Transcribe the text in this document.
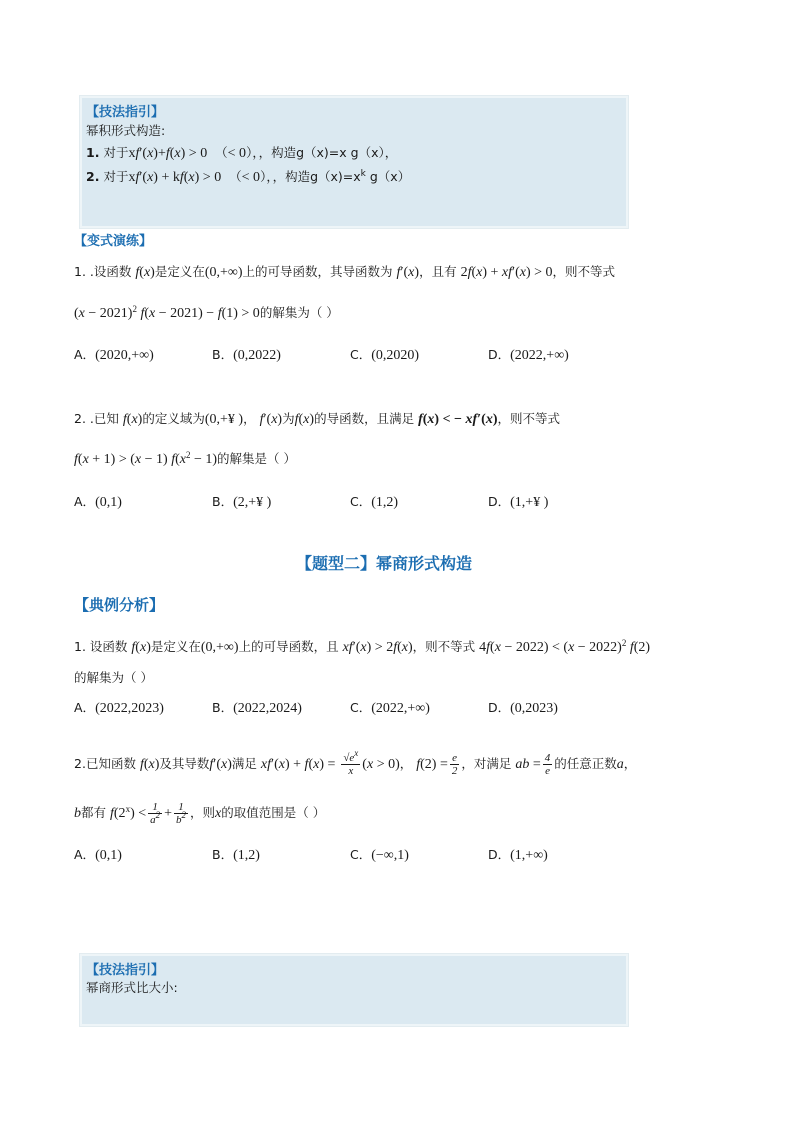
【技法指引】
幂积形式构造:
1. 对于xf′(x)+f(x) > 0  （< 0），，构造g（x)=x g（x），
2. 对于xf′(x) + kf(x) > 0  （< 0），，构造$g(x)=x^k$ g（x）
【变式演练】
1. .设函数 f(x)是定义在(0,+∞)上的可导函数，其导函数为 f′(x)，且有 2f(x) + xf′(x) > 0，则不等式
$(x - 2021)^2$ f(x − 2021) − f(1) > 0的解集为（ ）
A．(2020,+∞)	B．(0,2022)	C．(0,2020)	D．(2022,+∞)
2. .已知 f(x)的定义域为(0,+¥ )， f′(x)为f(x)的导函数，且满足 f(x) < − xf′(x)，则不等式
f(x + 1) > (x − 1) $f(x^2 - 1)$的解集是（ ）
A．(0,1)	B．(2,+¥ )	C．(1,2)	D．(1,+¥ )
【题型二】幂商形式构造
【典例分析】
1. 设函数 f(x)是定义在(0,+∞)上的可导函数，且 xf′(x) > 2f(x)，则不等式 $4f(x - 2022) < (x - 2022)^2$ f(2)
的解集为（ ）
A．(2022,2023)	B．(2022,2024)	C．(2022,+∞)	D．(0,2023)
2.已知函数 f(x)及其导数f′(x)满足 $xf'(x) + f(x) = \frac{√e^x}{x} (x > 0)$， $f(2) = \frac{e}{2}$ ，对满足 ab = $\frac{4}{e}$ 的任意正数a，
b都有 $f(2^x) < \frac{1}{a^2} + \frac{1}{b^2}$ ，则x的取值范围是（ ）
A．(0,1)	B．(1,2)	C．(−∞,1)	D．(1,+∞)
【技法指引】
幂商形式比大小:
